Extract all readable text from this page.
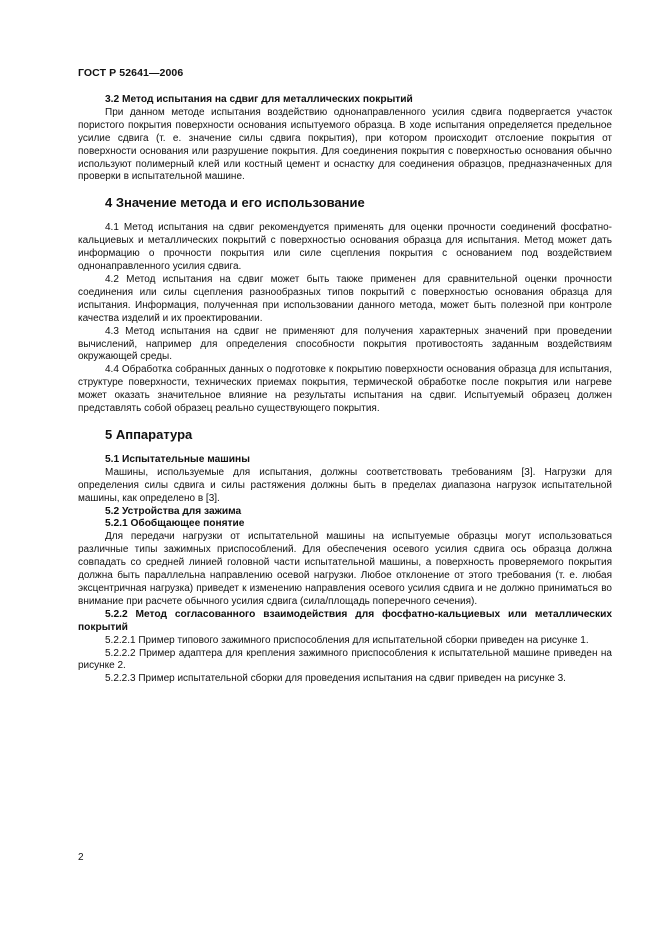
ГОСТ Р 52641—2006
3.2 Метод испытания на сдвиг для металлических покрытий

При данном методе испытания воздействию однонаправленного усилия сдвига подвергается участок пористого покрытия поверхности основания испытуемого образца. В ходе испытания определяется предельное усилие сдвига (т. е. значение силы сдвига покрытия), при котором происходит отслоение покрытия от поверхности основания или разрушение покрытия. Для соединения покрытия с поверхностью основания обычно используют полимерный клей или костный цемент и оснастку для соединения образцов, предназначенных для проверки в испытательной машине.

4 Значение метода и его использование

4.1 Метод испытания на сдвиг рекомендуется применять для оценки прочности соединений фосфатно-кальциевых и металлических покрытий с поверхностью основания образца для испытания. Метод может дать информацию о прочности покрытия или силе сцепления покрытия с основанием под воздействием однонаправленного усилия сдвига.

4.2 Метод испытания на сдвиг может быть также применен для сравнительной оценки прочности соединения или силы сцепления разнообразных типов покрытий с поверхностью основания образца для испытания. Информация, полученная при использовании данного метода, может быть полезной при контроле качества изделий и их проектировании.

4.3 Метод испытания на сдвиг не применяют для получения характерных значений при проведении вычислений, например для определения способности покрытия противостоять заданным воздействиям окружающей среды.

4.4 Обработка собранных данных о подготовке к покрытию поверхности основания образца для испытания, структуре поверхности, технических приемах покрытия, термической обработке после покрытия или нагреве может оказать значительное влияние на результаты испытания на сдвиг. Испытуемый образец должен представлять собой образец реально существующего покрытия.

5 Аппаратура
5.1 Испытательные машины

Машины, используемые для испытания, должны соответствовать требованиям [3]. Нагрузки для определения силы сдвига и силы растяжения должны быть в пределах диапазона нагрузок испытательной машины, как определено в [3].

5.2 Устройства для зажима
5.2.1 Обобщающее понятие

Для передачи нагрузки от испытательной машины на испытуемые образцы могут использоваться различные типы зажимных приспособлений. Для обеспечения осевого усилия сдвига ось образца должна совпадать со средней линией головной части испытательной машины, а поверхность проверяемого покрытия должна быть параллельна направлению осевой нагрузки. Любое отклонение от этого требования (т. е. любая эксцентричная нагрузка) приведет к изменению направления осевого усилия сдвига и не должно приниматься во внимание при расчете обычного усилия сдвига (сила/площадь поперечного сечения).

5.2.2 Метод согласованного взаимодействия для фосфатно-кальциевых или металлических покрытий

5.2.2.1 Пример типового зажимного приспособления для испытательной сборки приведен на рисунке 1.

5.2.2.2 Пример адаптера для крепления зажимного приспособления к испытательной машине приведен на рисунке 2.

5.2.2.3 Пример испытательной сборки для проведения испытания на сдвиг приведен на рисунке 3.

2
